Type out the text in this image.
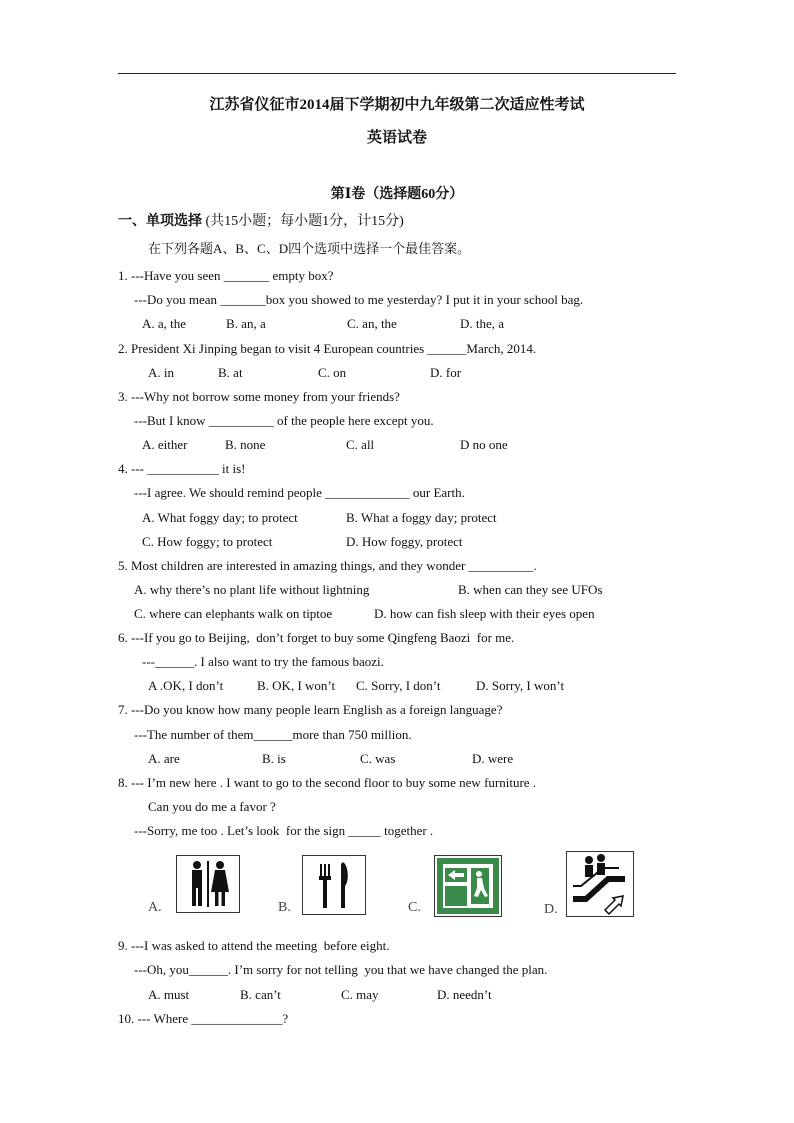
江苏省仪征市2014届下学期初中九年级第二次适应性考试
英语试卷
第Ⅰ卷（选择题60分）
一、单项选择 (共15小题；每小题1分，计15分)
在下列各题A、B、C、D四个选项中选择一个最佳答案。
1. ---Have you seen _______ empty box?
---Do you mean _______box you showed to me yesterday? I put it in your school bag.
A. a, the	B. an, a	C. an, the	D. the, a
2. President Xi Jinping began to visit 4 European countries ______March, 2014.
A. in	B. at	C. on	D. for
3. ---Why not borrow some money from your friends?
---But I know __________ of the people here except you.
A. either	B. none	C. all	D no one
4. --- ___________ it is!
---I agree. We should remind people _____________ our Earth.
A. What foggy day; to protect	B. What a foggy day; protect
C. How foggy; to protect	D. How foggy, protect
5. Most children are interested in amazing things, and they wonder __________.
A. why there’s no plant life without lightning	B. when can they see UFOs
C. where can elephants walk on tiptoe	D. how can fish sleep with their eyes open
6. ---If you go to Beijing,  don’t forget to buy some Qingfeng Baozi  for me.
---______. I also want to try the famous baozi.
A .OK, I don’t	B. OK, I won’t C. Sorry, I don’t	D. Sorry, I won’t
7. ---Do you know how many people learn English as a foreign language?
---The number of them______more than 750 million.
A. are	B. is	C. was	D. were
8. --- I’m new here . I want to go to the second floor to buy some new furniture .
Can you do me a favor ?
---Sorry, me too . Let’s look  for the sign _____ together .
A.	B.	C.	D.
9. ---I was asked to attend the meeting  before eight.
---Oh, you______. I’m sorry for not telling  you that we have changed the plan.
A. must	B. can’t	C. may	D. needn’t
10. --- Where ______________?
